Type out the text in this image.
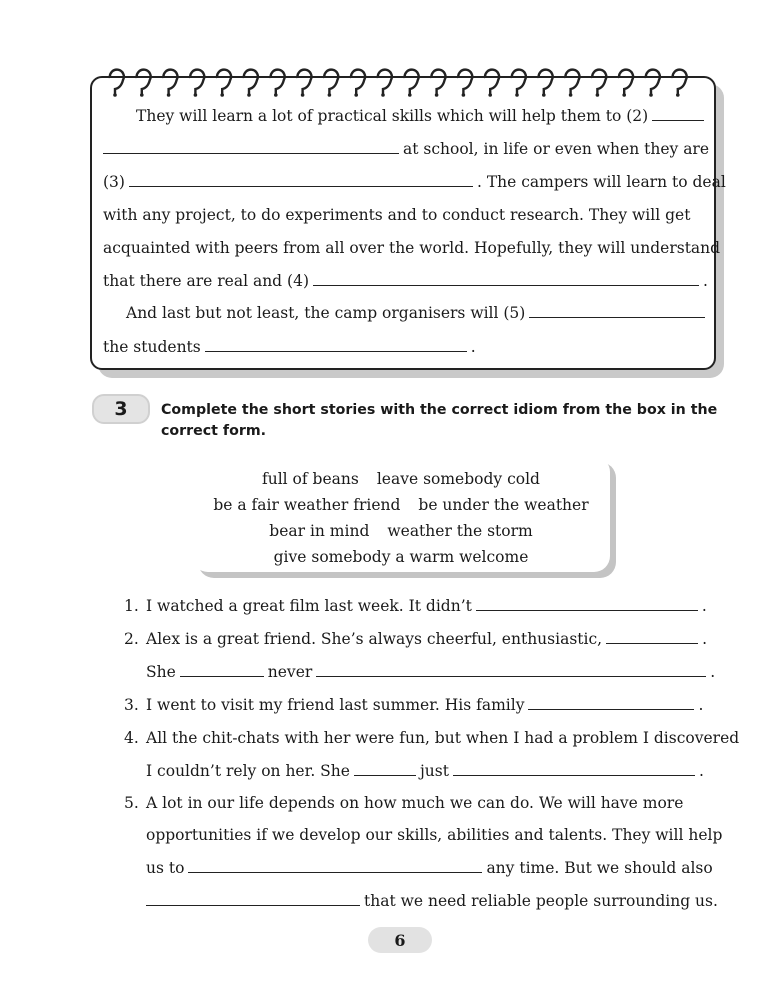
They will learn a lot of practical skills which will help them to (2)
at school, in life or even when they are
(3)	. The campers will learn to deal
with any project, to do experiments and to conduct research. They will get
acquainted with peers from all over the world. Hopefully, they will understand
that there are real and (4)	.
And last but not least, the camp organisers will (5)
the students	.
3 Complete the short stories with the correct idiom from the box in the correct form.
full of beans leave somebody cold
be a fair weather friend be under the weather
bear in mind weather the storm
give somebody a warm welcome
1. I watched a great film last week. It didn’t	.
2. Alex is a great friend. She’s always cheerful, enthusiastic,	.
She	never	.
3. I went to visit my friend last summer. His family	.
4. All the chit-chats with her were fun, but when I had a problem I discovered
I couldn’t rely on her. She	just	.
5. A lot in our life depends on how much we can do. We will have more
opportunities if we develop our skills, abilities and talents. They will help
us to	any time. But we should also
that we need reliable people surrounding us.
6
